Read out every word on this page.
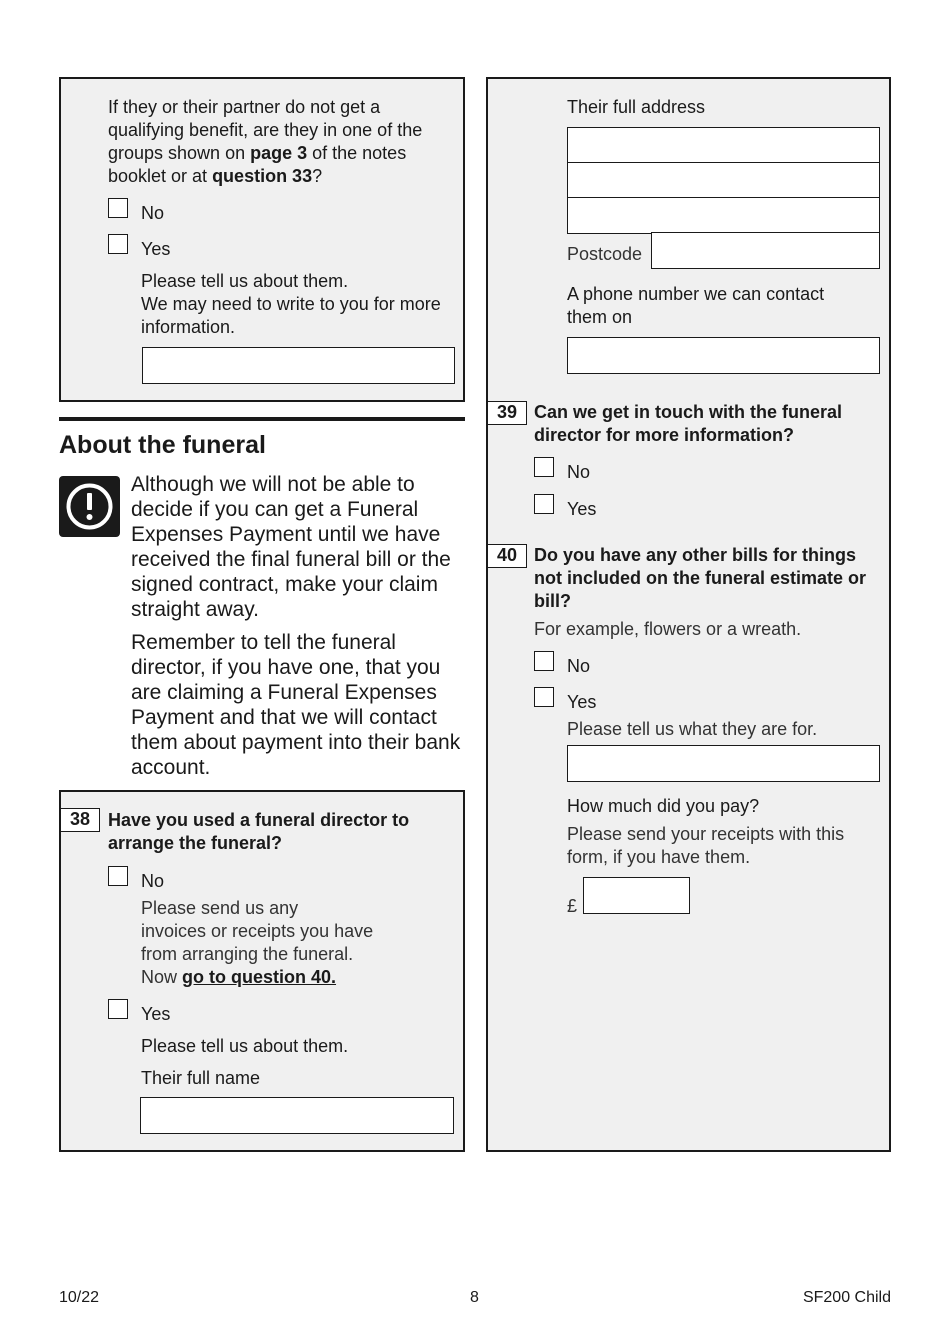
If they or their partner do not get a qualifying benefit, are they in one of the groups shown on page 3 of the notes booklet or at question 33?
No
Yes
Please tell us about them.
We may need to write to you for more information.
About the funeral
Although we will not be able to decide if you can get a Funeral Expenses Payment until we have received the final funeral bill or the signed contract, make your claim straight away.
Remember to tell the funeral director, if you have one, that you are claiming a Funeral Expenses Payment and that we will contact them about payment into their bank account.
38 Have you used a funeral director to arrange the funeral?
No
Please send us any
invoices or receipts you have
from arranging the funeral.
Now go to question 40.
Yes
Please tell us about them.
Their full name
Their full address
Postcode
A phone number we can contact them on
39 Can we get in touch with the funeral director for more information?
No
Yes
40 Do you have any other bills for things not included on the funeral estimate or bill?
For example, flowers or a wreath.
No
Yes
Please tell us what they are for.
How much did you pay?
Please send your receipts with this form, if you have them.
£
10/22	8	SF200 Child
